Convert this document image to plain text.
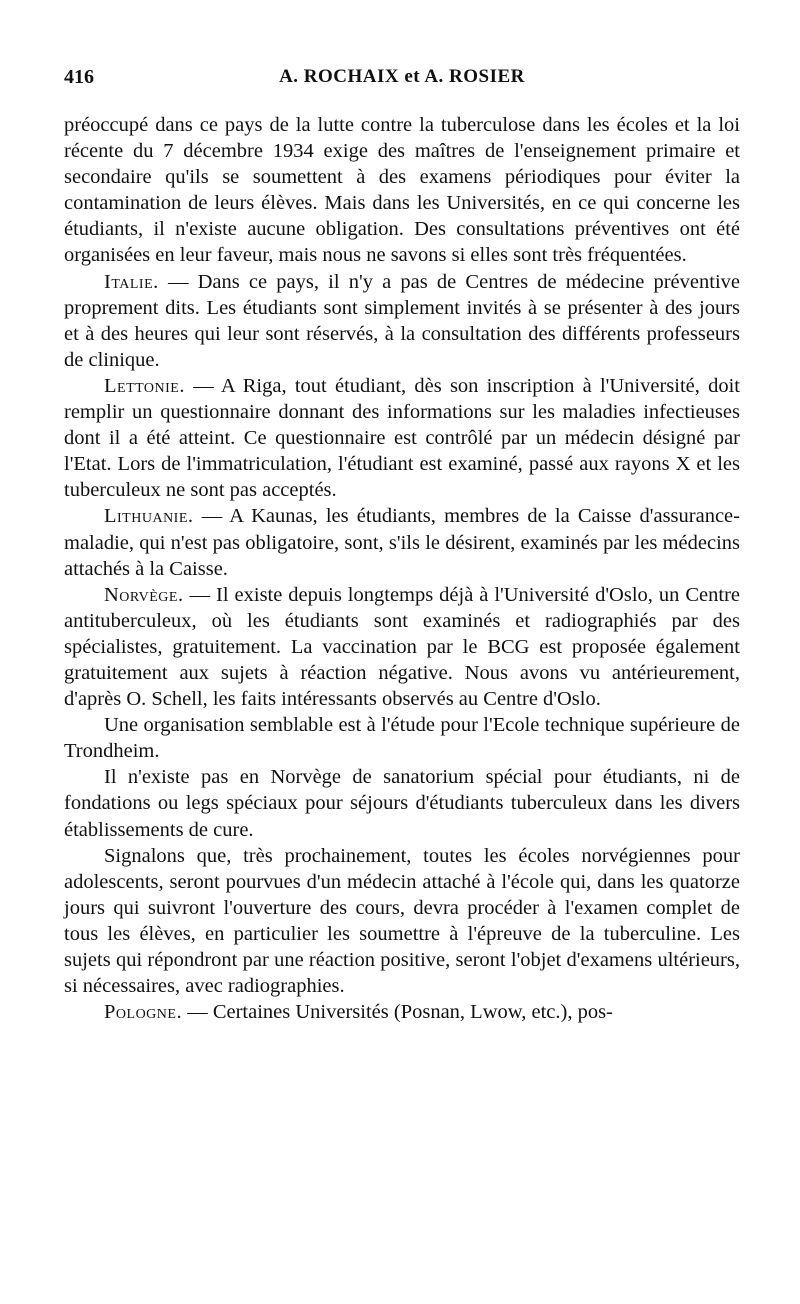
416	A. ROCHAIX et A. ROSIER

préoccupé dans ce pays de la lutte contre la tuberculose dans les écoles et la loi récente du 7 décembre 1934 exige des maîtres de l'enseignement primaire et secondaire qu'ils se soumettent à des examens périodiques pour éviter la contamination de leurs élèves. Mais dans les Universités, en ce qui concerne les étudiants, il n'existe aucune obligation. Des consultations préventives ont été organisées en leur faveur, mais nous ne savons si elles sont très fréquentées.

Italie. — Dans ce pays, il n'y a pas de Centres de médecine préventive proprement dits. Les étudiants sont simplement invités à se présenter à des jours et à des heures qui leur sont réservés, à la consultation des différents professeurs de clinique.

Lettonie. — A Riga, tout étudiant, dès son inscription à l'Université, doit remplir un questionnaire donnant des informations sur les maladies infectieuses dont il a été atteint. Ce questionnaire est contrôlé par un médecin désigné par l'Etat. Lors de l'immatriculation, l'étudiant est examiné, passé aux rayons X et les tuberculeux ne sont pas acceptés.

Lithuanie. — A Kaunas, les étudiants, membres de la Caisse d'assurance-maladie, qui n'est pas obligatoire, sont, s'ils le désirent, examinés par les médecins attachés à la Caisse.

Norvège. — Il existe depuis longtemps déjà à l'Université d'Oslo, un Centre antituberculeux, où les étudiants sont examinés et radiographiés par des spécialistes, gratuitement. La vaccination par le BCG est proposée également gratuitement aux sujets à réaction négative. Nous avons vu antérieurement, d'après O. Schell, les faits intéressants observés au Centre d'Oslo.

Une organisation semblable est à l'étude pour l'Ecole technique supérieure de Trondheim.

Il n'existe pas en Norvège de sanatorium spécial pour étudiants, ni de fondations ou legs spéciaux pour séjours d'étudiants tuberculeux dans les divers établissements de cure.

Signalons que, très prochainement, toutes les écoles norvégiennes pour adolescents, seront pourvues d'un médecin attaché à l'école qui, dans les quatorze jours qui suivront l'ouverture des cours, devra procéder à l'examen complet de tous les élèves, en particulier les soumettre à l'épreuve de la tuberculine. Les sujets qui répondront par une réaction positive, seront l'objet d'examens ultérieurs, si nécessaires, avec radiographies.

Pologne. — Certaines Universités (Posnan, Lwow, etc.), pos-
